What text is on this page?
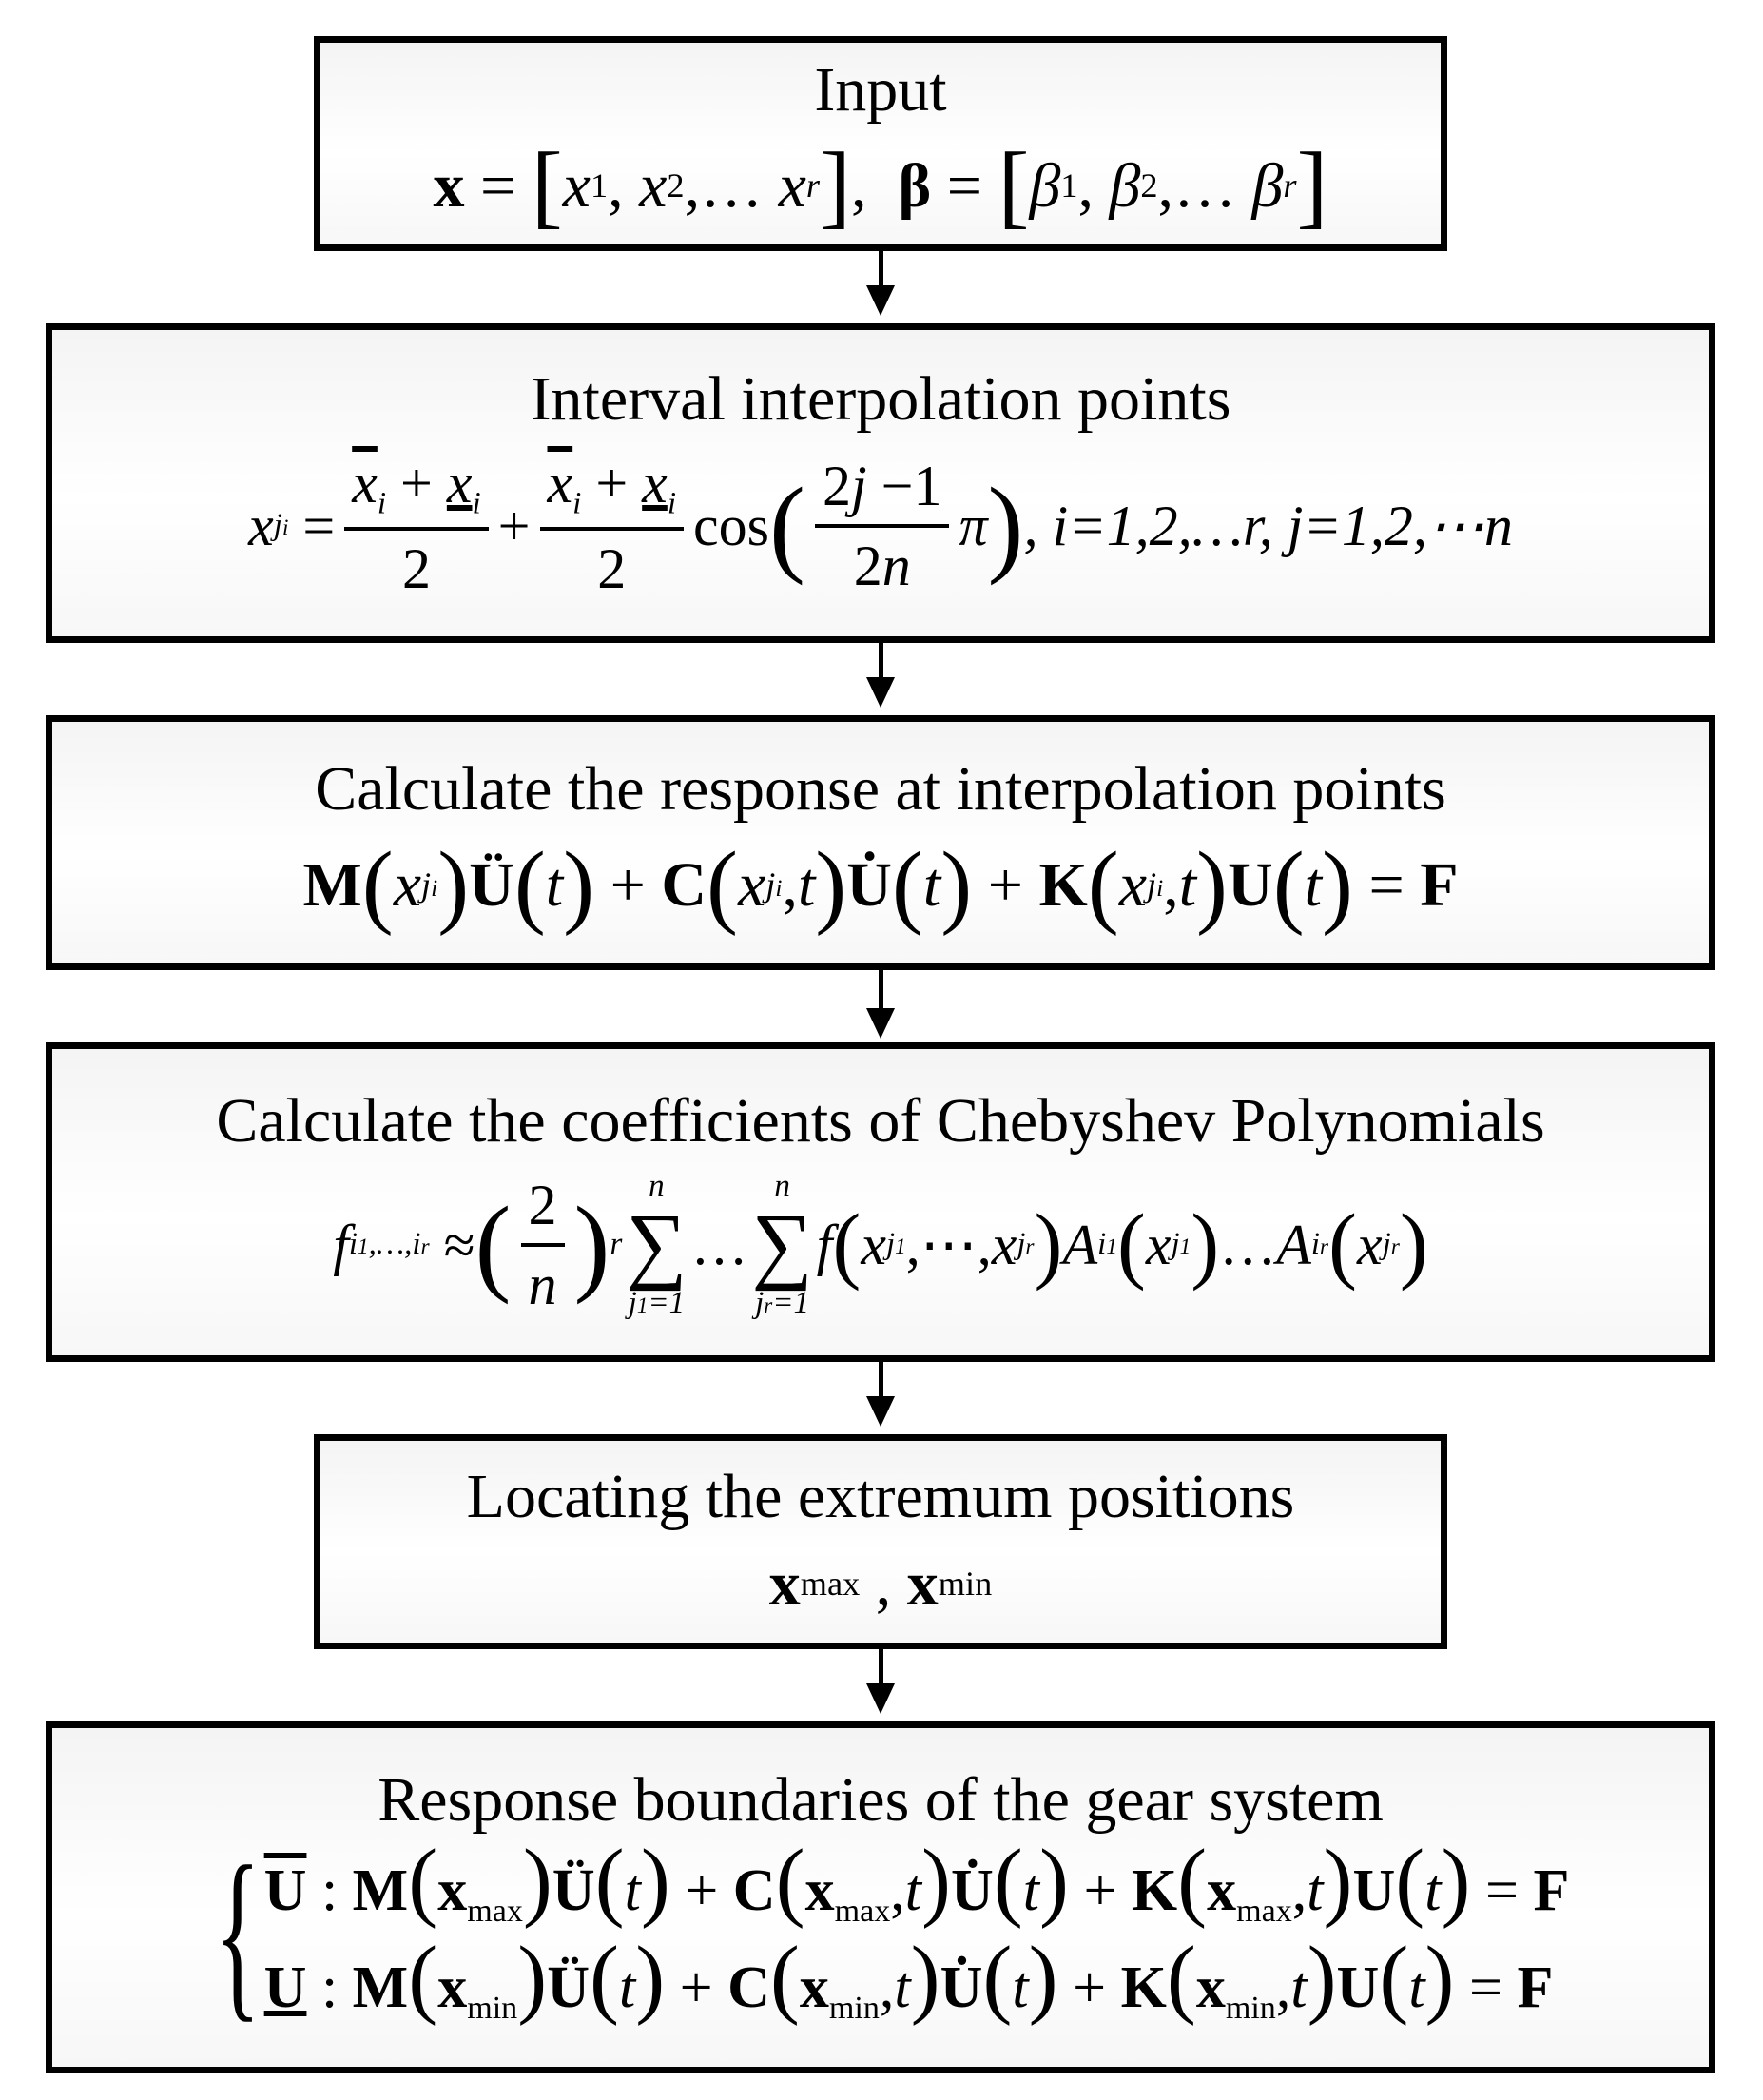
Input
x = [ x 1 , x 2 ,… x r ] , β = [ β 1 , β 2 ,… β r ]
Interval interpolation points
x ji = $\frac{\overline{x}_i + x_i}{2} + \frac{\overline{x}_i + x_i}{2}$ cos ( $\frac{2j -1}{2n}$ π ) , i=1,2,…r, j=1,2,⋯n
Calculate the response at interpolation points
M ( x ji ) Ü ( t ) + C ( x ji , t ) U̇ ( t ) + K ( x ji , t ) U ( t ) = F
Calculate the coefficients of Chebyshev Polynomials
f i1,…,ir ≈ ( $\frac{2}{n}$ ) r
n
∑
j1=1
…
n
∑
jr=1
f ( x j1 ,⋯, x jr ) A i1 ( x j1 ) … A ir ( x jr )
Locating the extremum positions
x max , x min
Response boundaries of the gear system
{ $\overline{U}$ : M(xmax)Ü(t) + C(xmax,t)U̇(t) + K(xmax,t)U(t) = F
U : M(xmin)Ü(t) + C(xmin,t)U̇(t) + K(xmin,t)U(t) = F
